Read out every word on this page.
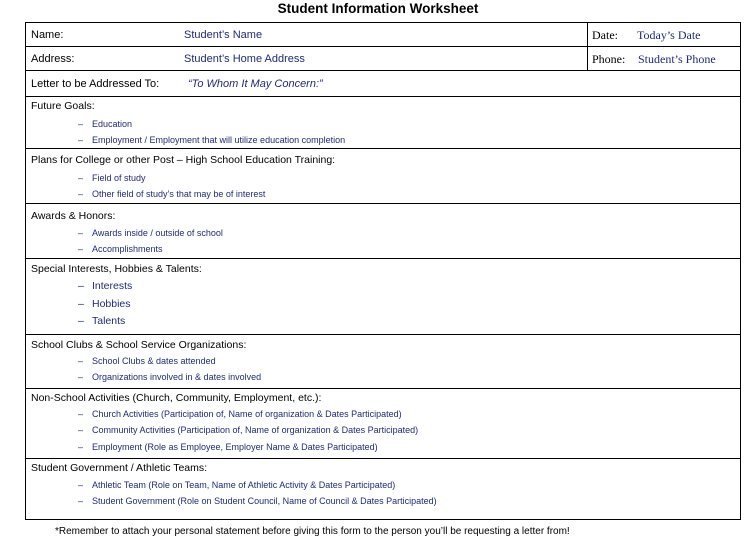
Student Information Worksheet
Name:	Student’s Name
Address:	Student’s Home Address
Letter to be Addressed To:	“To Whom It May Concern:”
Date: Today’s Date
Phone: Student’s Phone
Future Goals:
– Education
– Employment / Employment that will utilize education completion
Plans for College or other Post – High School Education Training:
– Field of study
– Other field of study’s that may be of interest
Awards & Honors:
– Awards inside / outside of school
– Accomplishments
Special Interests, Hobbies & Talents:
– Interests
– Hobbies
– Talents
School Clubs & School Service Organizations:
– School Clubs & dates attended
– Organizations involved in & dates involved
Non-School Activities (Church, Community, Employment, etc.):
– Church Activities (Participation of, Name of organization & Dates Participated)
– Community Activities (Participation of, Name of organization & Dates Participated)
– Employment (Role as Employee, Employer Name & Dates Participated)
Student Government / Athletic Teams:
– Athletic Team (Role on Team, Name of Athletic Activity & Dates Participated)
– Student Government (Role on Student Council, Name of Council & Dates Participated)
*Remember to attach your personal statement before giving this form to the person you’ll be requesting a letter from!
